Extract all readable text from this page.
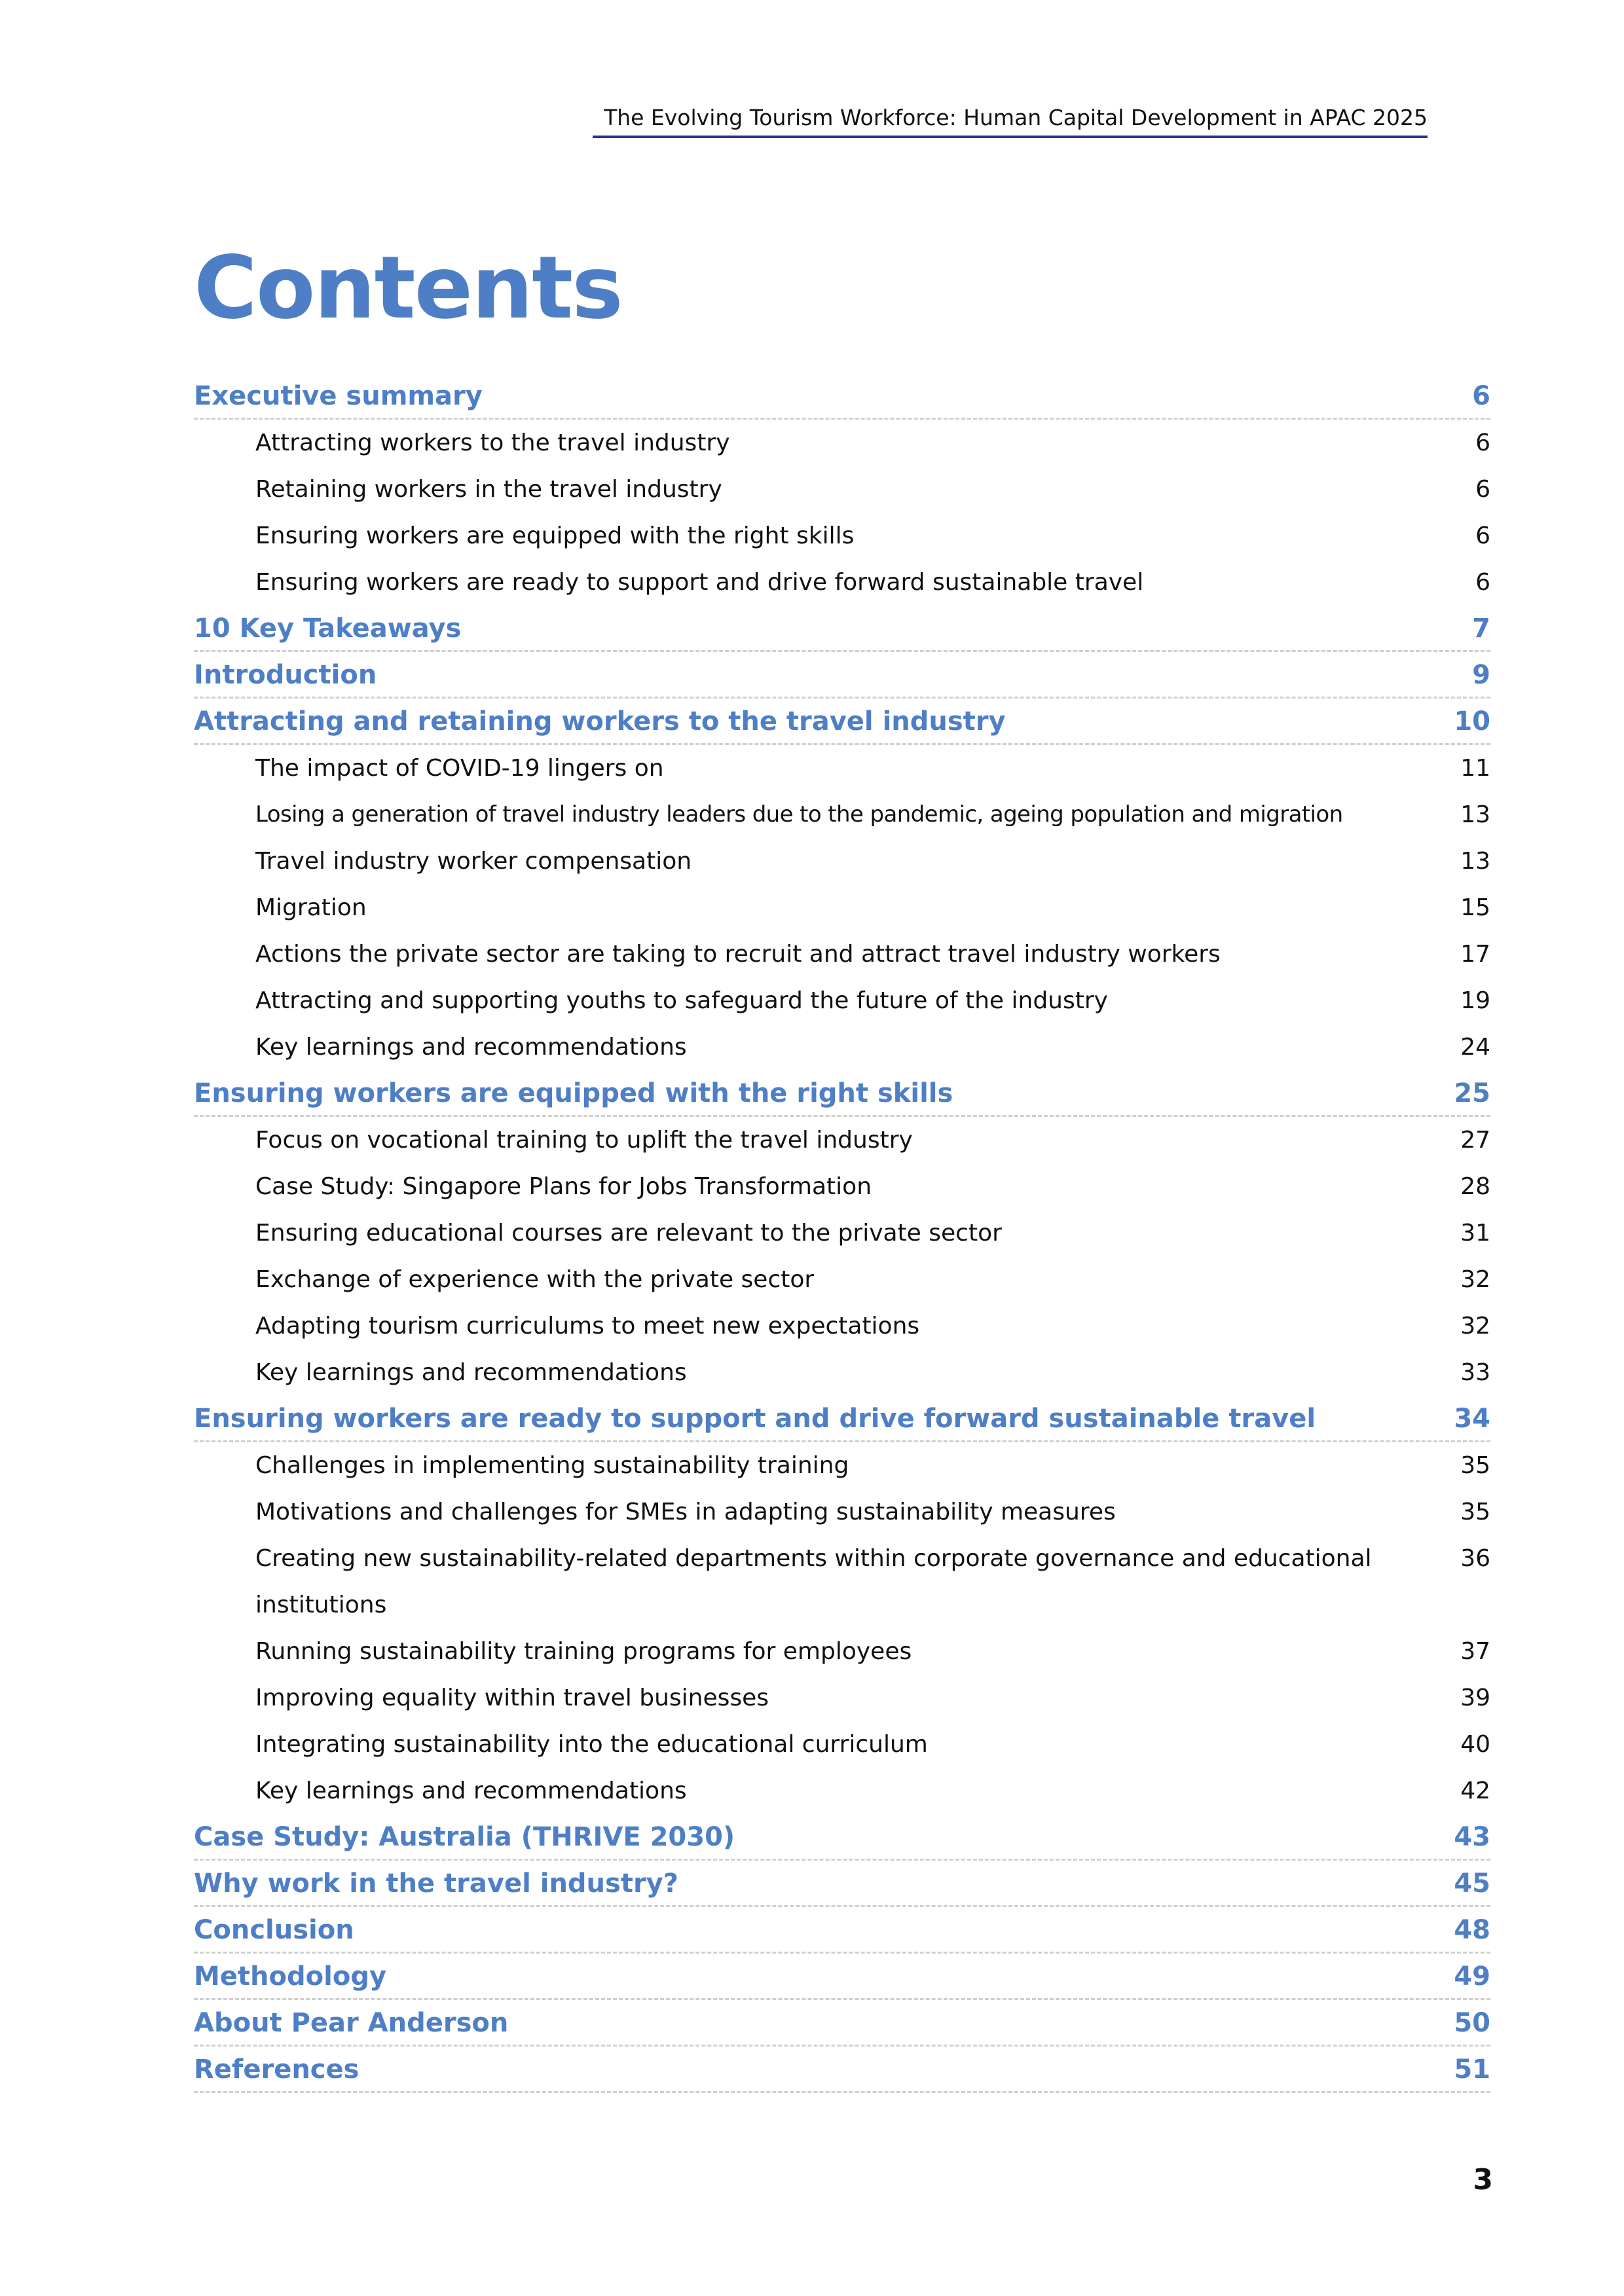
The Evolving Tourism Workforce: Human Capital Development in APAC 2025
Contents
Executive summary	6
Attracting workers to the travel industry	6
Retaining workers in the travel industry	6
Ensuring workers are equipped with the right skills	6
Ensuring workers are ready to support and drive forward sustainable travel	6
10 Key Takeaways	7
Introduction	9
Attracting and retaining workers to the travel industry	10
The impact of COVID-19 lingers on	11
Losing a generation of travel industry leaders due to the pandemic, ageing population and migration	13
Travel industry worker compensation	13
Migration	15
Actions the private sector are taking to recruit and attract travel industry workers	17
Attracting and supporting youths to safeguard the future of the industry	19
Key learnings and recommendations	24
Ensuring workers are equipped with the right skills	25
Focus on vocational training to uplift the travel industry	27
Case Study: Singapore Plans for Jobs Transformation	28
Ensuring educational courses are relevant to the private sector	31
Exchange of experience with the private sector	32
Adapting tourism curriculums to meet new expectations	32
Key learnings and recommendations	33
Ensuring workers are ready to support and drive forward sustainable travel	34
Challenges in implementing sustainability training	35
Motivations and challenges for SMEs in adapting sustainability measures	35
Creating new sustainability-related departments within corporate governance and educational institutions
36
Running sustainability training programs for employees	37
Improving equality within travel businesses	39
Integrating sustainability into the educational curriculum	40
Key learnings and recommendations	42
Case Study: Australia (THRIVE 2030)	43
Why work in the travel industry?	45
Conclusion	48
Methodology	49
About Pear Anderson	50
References	51
3
